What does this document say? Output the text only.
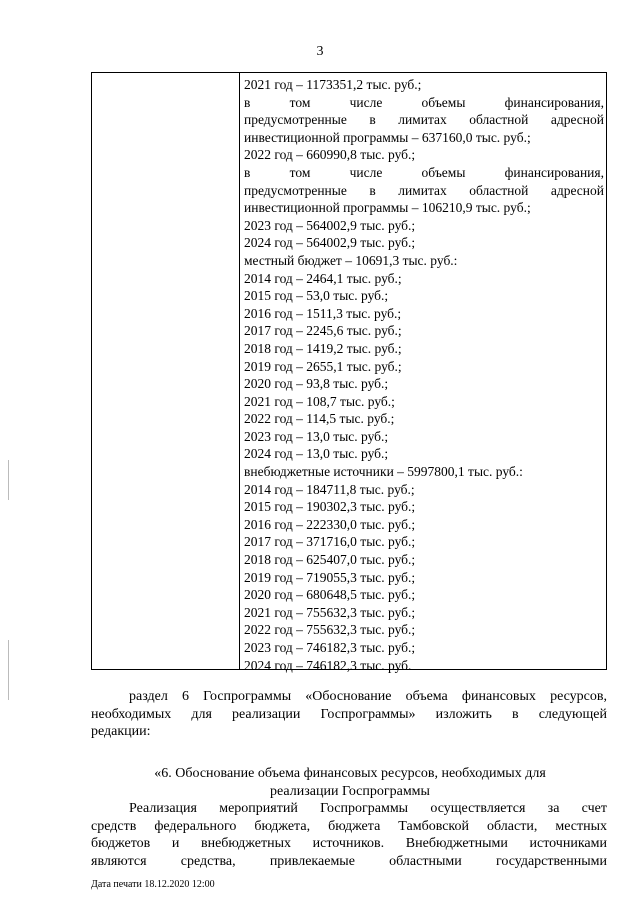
3
2021 год – 1173351,2 тыс. руб.;
в том числе объемы финансирования,
предусмотренные в лимитах областной адресной
инвестиционной программы – 637160,0 тыс. руб.;
2022 год – 660990,8 тыс. руб.;
в том числе объемы финансирования,
предусмотренные в лимитах областной адресной
инвестиционной программы – 106210,9 тыс. руб.;
2023 год – 564002,9 тыс. руб.;
2024 год – 564002,9 тыс. руб.;
местный бюджет – 10691,3 тыс. руб.:
2014 год – 2464,1 тыс. руб.;
2015 год – 53,0 тыс. руб.;
2016 год – 1511,3 тыс. руб.;
2017 год – 2245,6 тыс. руб.;
2018 год – 1419,2 тыс. руб.;
2019 год – 2655,1 тыс. руб.;
2020 год – 93,8 тыс. руб.;
2021 год – 108,7 тыс. руб.;
2022 год – 114,5 тыс. руб.;
2023 год – 13,0 тыс. руб.;
2024 год – 13,0 тыс. руб.;
внебюджетные источники – 5997800,1 тыс. руб.:
2014 год – 184711,8 тыс. руб.;
2015 год – 190302,3 тыс. руб.;
2016 год – 222330,0 тыс. руб.;
2017 год – 371716,0 тыс. руб.;
2018 год – 625407,0 тыс. руб.;
2019 год – 719055,3 тыс. руб.;
2020 год – 680648,5 тыс. руб.;
2021 год – 755632,3 тыс. руб.;
2022 год – 755632,3 тыс. руб.;
2023 год – 746182,3 тыс. руб.;
2024 год – 746182,3 тыс. руб.
раздел 6 Госпрограммы «Обоснование объема финансовых ресурсов,
необходимых для реализации Госпрограммы» изложить в следующей
редакции:
«6. Обоснование объема финансовых ресурсов, необходимых для
реализации Госпрограммы
Реализация мероприятий Госпрограммы осуществляется за счет
средств федерального бюджета, бюджета Тамбовской области, местных
бюджетов и внебюджетных источников. Внебюджетными источниками
являются средства, привлекаемые областными государственными
Дата печати 18.12.2020 12:00
